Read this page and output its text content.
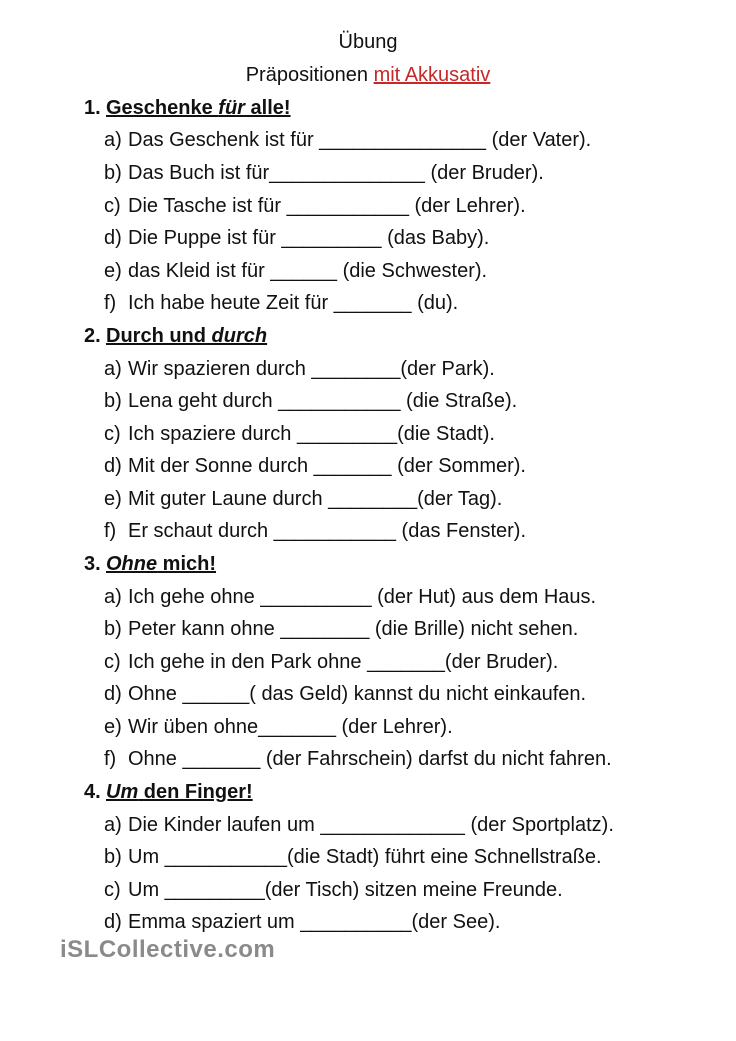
Übung
Präpositionen mit Akkusativ
1. Geschenke für alle!
a) Das Geschenk ist für _______________ (der Vater).
b) Das Buch ist für______________ (der Bruder).
c) Die Tasche ist für ___________ (der Lehrer).
d) Die Puppe ist für _________ (das Baby).
e) das Kleid ist für ______ (die Schwester).
f) Ich habe heute Zeit für _______ (du).
2. Durch und durch
a) Wir spazieren durch ________(der Park).
b) Lena geht durch ___________ (die Straße).
c) Ich spaziere durch _________(die Stadt).
d) Mit der Sonne durch _______ (der Sommer).
e) Mit guter Laune durch ________(der Tag).
f) Er schaut durch ___________ (das Fenster).
3. Ohne mich!
a) Ich gehe ohne __________ (der Hut) aus dem Haus.
b) Peter kann ohne ________ (die Brille) nicht sehen.
c) Ich gehe in den Park ohne _______(der Bruder).
d) Ohne ______( das Geld) kannst du nicht einkaufen.
e) Wir üben ohne_______ (der Lehrer).
f) Ohne _______ (der Fahrschein) darfst du nicht fahren.
4. Um den Finger!
a) Die Kinder laufen um _____________ (der Sportplatz).
b) Um ___________(die Stadt) führt eine Schnellstraße.
c) Um _________(der Tisch) sitzen meine Freunde.
d) Emma spaziert um __________(der See).
iSLCollective.com
